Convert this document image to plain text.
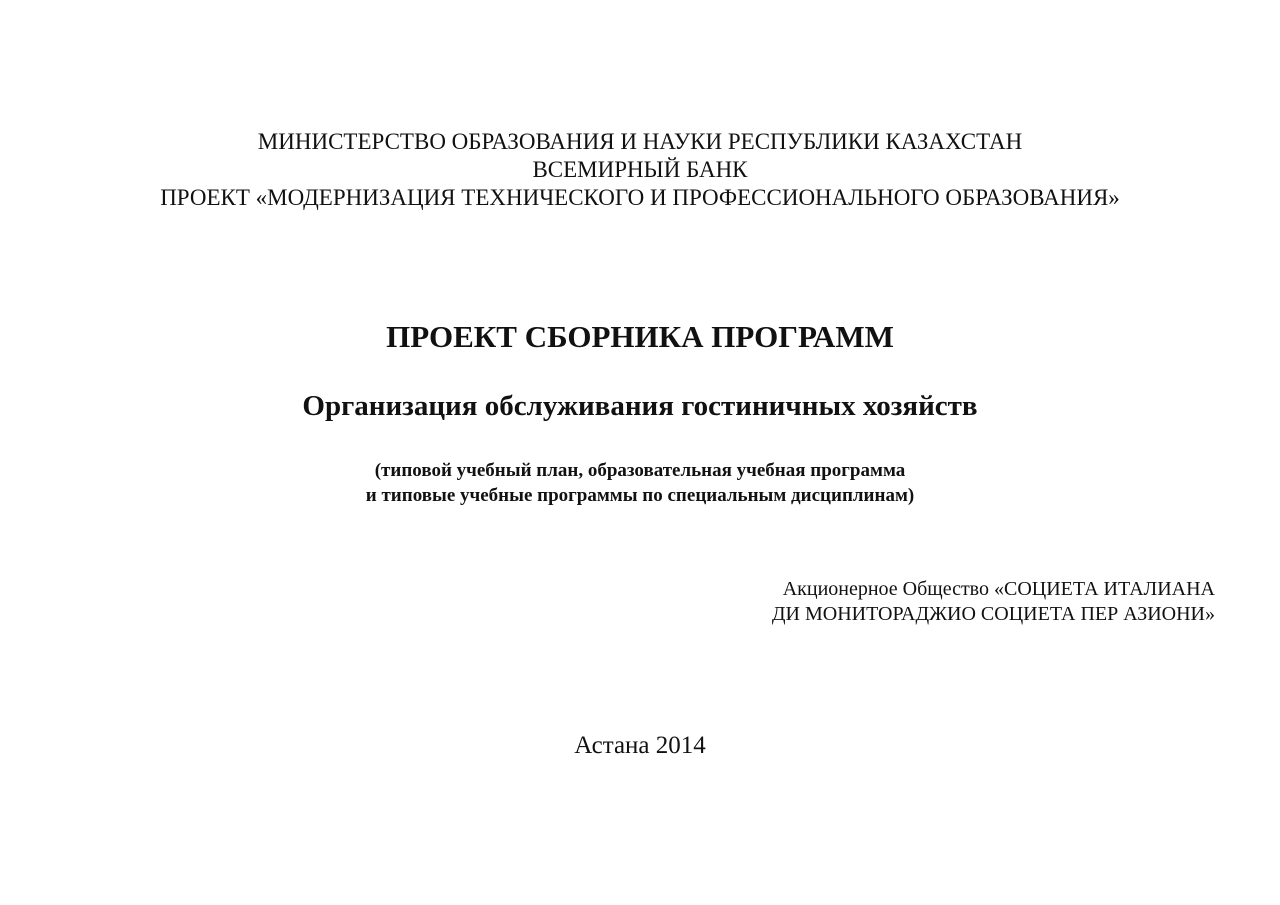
МИНИСТЕРСТВО ОБРАЗОВАНИЯ И НАУКИ РЕСПУБЛИКИ КАЗАХСТАН
ВСЕМИРНЫЙ БАНК
ПРОЕКТ «МОДЕРНИЗАЦИЯ ТЕХНИЧЕСКОГО И ПРОФЕССИОНАЛЬНОГО ОБРАЗОВАНИЯ»
ПРОЕКТ СБОРНИКА ПРОГРАММ
Организация обслуживания гостиничных хозяйств
(типовой учебный план, образовательная учебная программа
и типовые учебные программы по специальным дисциплинам)
Акционерное Общество «СОЦИЕТА ИТАЛИАНА
ДИ МОНИТОРАДЖИО СОЦИЕТА ПЕР АЗИОНИ»
Астана 2014
